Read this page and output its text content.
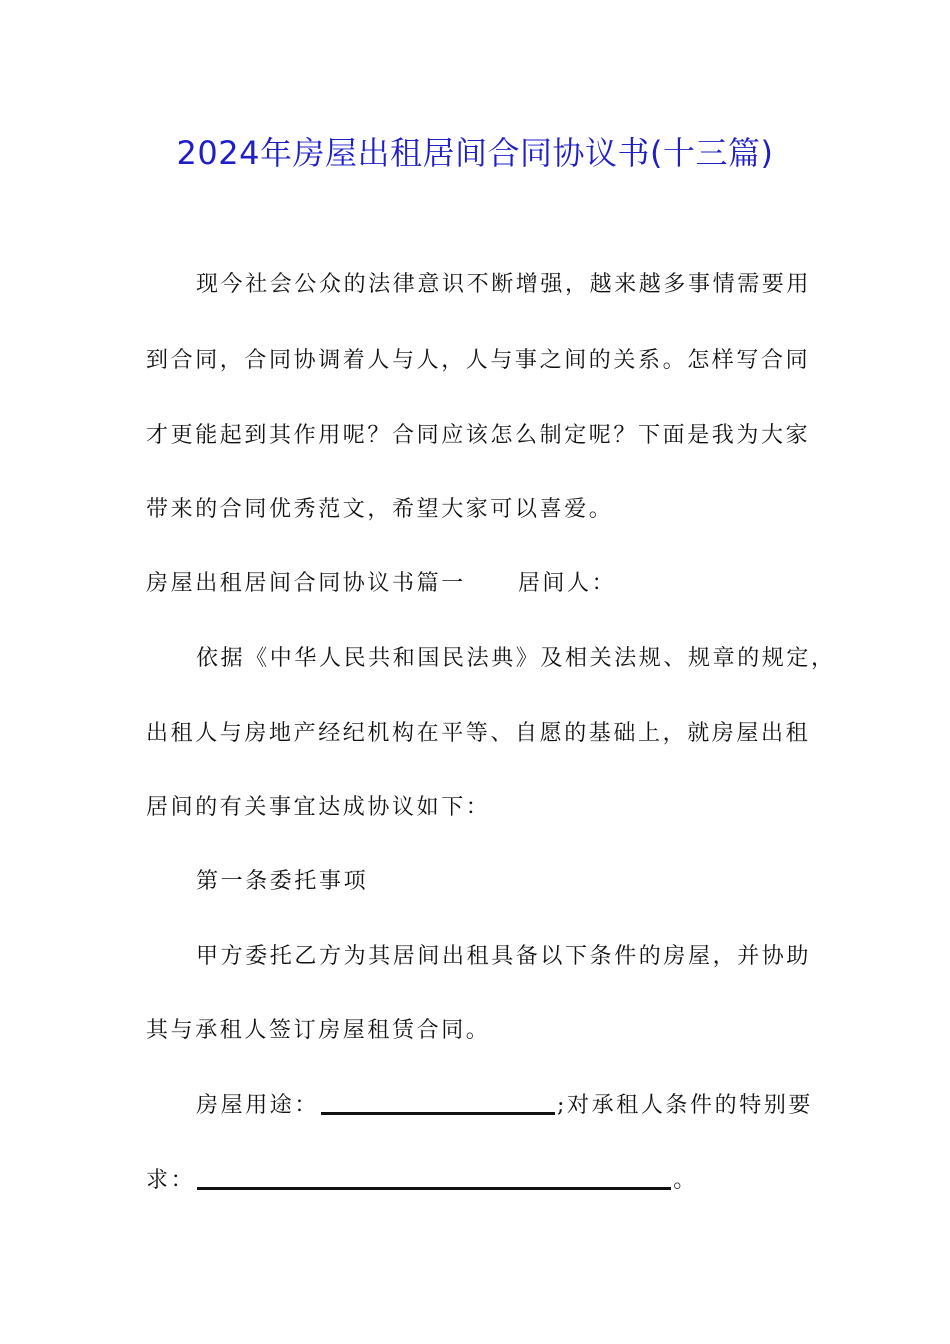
2024年房屋出租居间合同协议书(十三篇)
现今社会公众的法律意识不断增强，越来越多事情需要用
到合同，合同协调着人与人，人与事之间的关系。怎样写合同
才更能起到其作用呢？合同应该怎么制定呢？下面是我为大家
带来的合同优秀范文，希望大家可以喜爱。
房屋出租居间合同协议书篇一 居间人：
依据《中华人民共和国民法典》及相关法规、规章的规定，
出租人与房地产经纪机构在平等、自愿的基础上，就房屋出租
居间的有关事宜达成协议如下：
第一条委托事项
甲方委托乙方为其居间出租具备以下条件的房屋，并协助
其与承租人签订房屋租赁合同。
房屋用途：	;对承租人条件的特别要
求：	。
